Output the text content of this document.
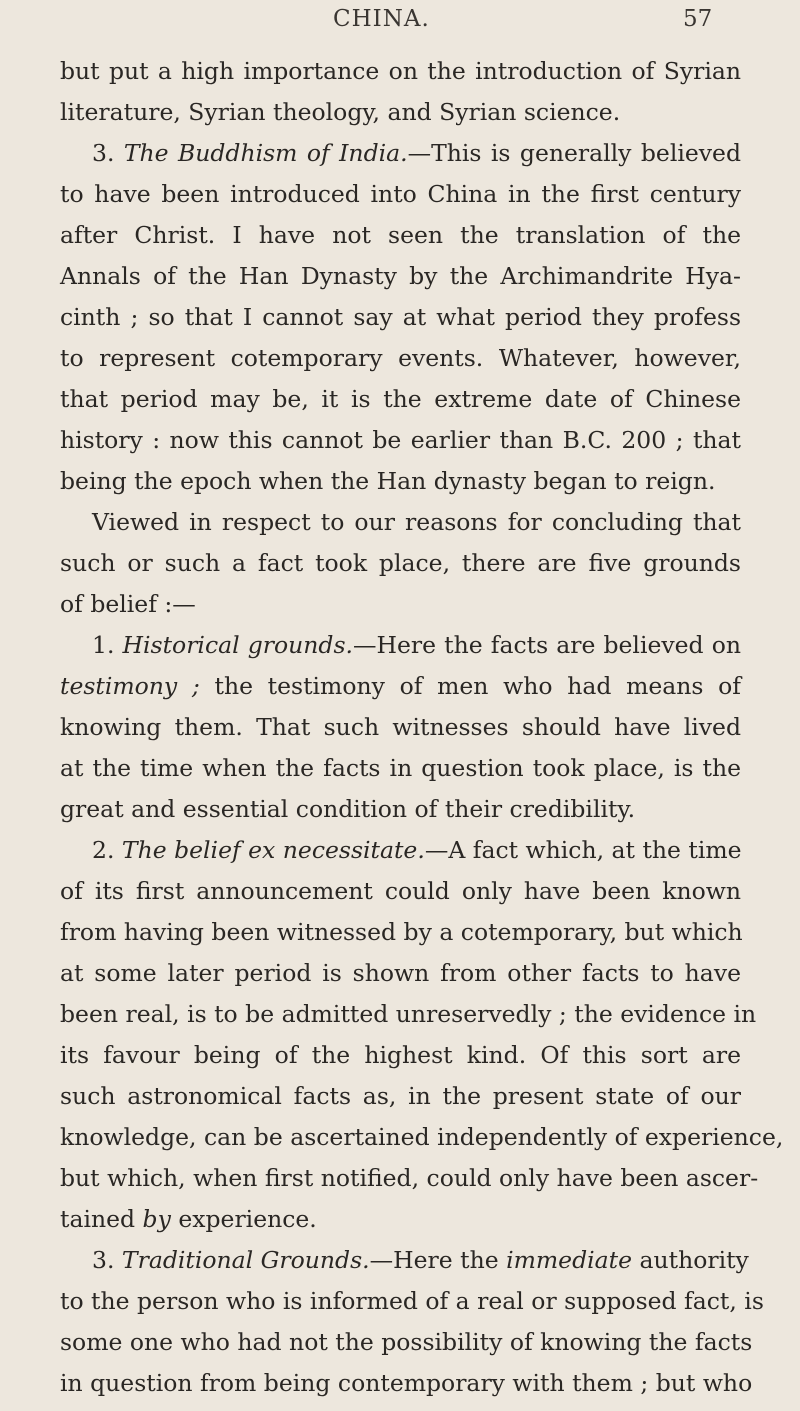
CHINA.	57
but put a high importance on the introduction of Syrian
literature, Syrian theology, and Syrian science.
3. The Buddhism of India.—This is generally believed
to have been introduced into China in the first century
after Christ. I have not seen the translation of the
Annals of the Han Dynasty by the Archimandrite Hya-
cinth ; so that I cannot say at what period they profess
to represent cotemporary events. Whatever, however,
that period may be, it is the extreme date of Chinese
history : now this cannot be earlier than B.C. 200 ; that
being the epoch when the Han dynasty began to reign.
Viewed in respect to our reasons for concluding that
such or such a fact took place, there are five grounds
of belief :—
1. Historical grounds.—Here the facts are believed on
testimony ; the testimony of men who had means of
knowing them. That such witnesses should have lived
at the time when the facts in question took place, is the
great and essential condition of their credibility.
2. The belief ex necessitate.—A fact which, at the time
of its first announcement could only have been known
from having been witnessed by a cotemporary, but which
at some later period is shown from other facts to have
been real, is to be admitted unreservedly ; the evidence in
its favour being of the highest kind. Of this sort are
such astronomical facts as, in the present state of our
knowledge, can be ascertained independently of experience,
but which, when first notified, could only have been ascer-
tained by experience.
3. Traditional Grounds.—Here the immediate authority
to the person who is informed of a real or supposed fact, is
some one who had not the possibility of knowing the facts
in question from being contemporary with them ; but who
